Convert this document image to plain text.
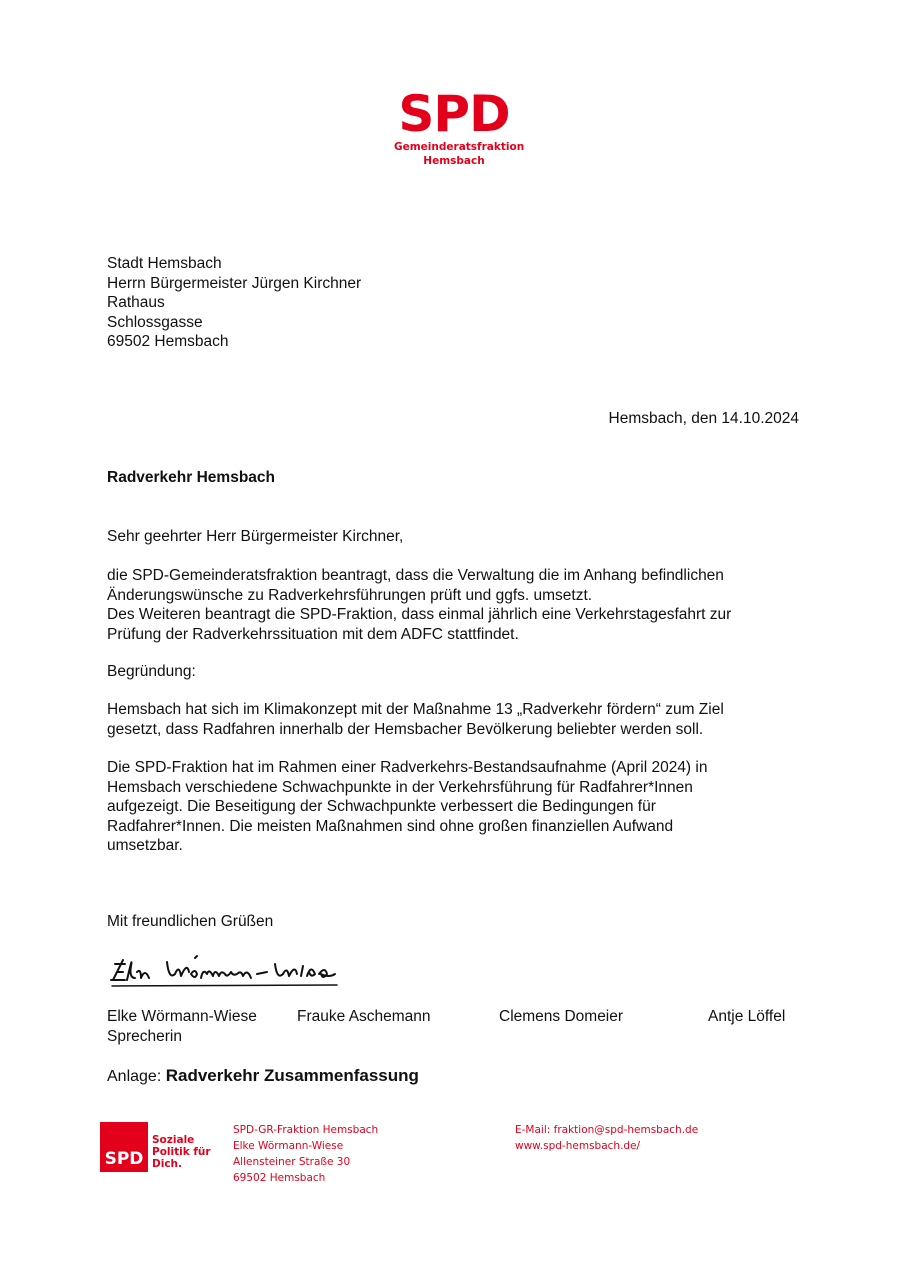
SPD
Gemeinderatsfraktion
Hemsbach
Stadt Hemsbach
Herrn Bürgermeister Jürgen Kirchner
Rathaus
Schlossgasse
69502 Hemsbach
Hemsbach, den 14.10.2024
Radverkehr Hemsbach
Sehr geehrter Herr Bürgermeister Kirchner,
die SPD-Gemeinderatsfraktion beantragt, dass die Verwaltung die im Anhang befindlichen
Änderungswünsche zu Radverkehrsführungen prüft und ggfs. umsetzt.
Des Weiteren beantragt die SPD-Fraktion, dass einmal jährlich eine Verkehrstagesfahrt zur
Prüfung der Radverkehrssituation mit dem ADFC stattfindet.
Begründung:
Hemsbach hat sich im Klimakonzept mit der Maßnahme 13 „Radverkehr fördern“ zum Ziel
gesetzt, dass Radfahren innerhalb der Hemsbacher Bevölkerung beliebter werden soll.
Die SPD-Fraktion hat im Rahmen einer Radverkehrs-Bestandsaufnahme (April 2024) in
Hemsbach verschiedene Schwachpunkte in der Verkehrsführung für Radfahrer*Innen
aufgezeigt. Die Beseitigung der Schwachpunkte verbessert die Bedingungen für
Radfahrer*Innen. Die meisten Maßnahmen sind ohne großen finanziellen Aufwand
umsetzbar.
Mit freundlichen Grüßen
Elke Wörmann-Wiese	Frauke Aschemann	Clemens Domeier	Antje Löffel
Sprecherin
Anlage: Radverkehr Zusammenfassung
SPD
Soziale
Politik für
Dich.
SPD-GR-Fraktion Hemsbach
Elke Wörmann-Wiese
Allensteiner Straße 30
69502 Hemsbach
E-Mail: fraktion@spd-hemsbach.de
www.spd-hemsbach.de/
